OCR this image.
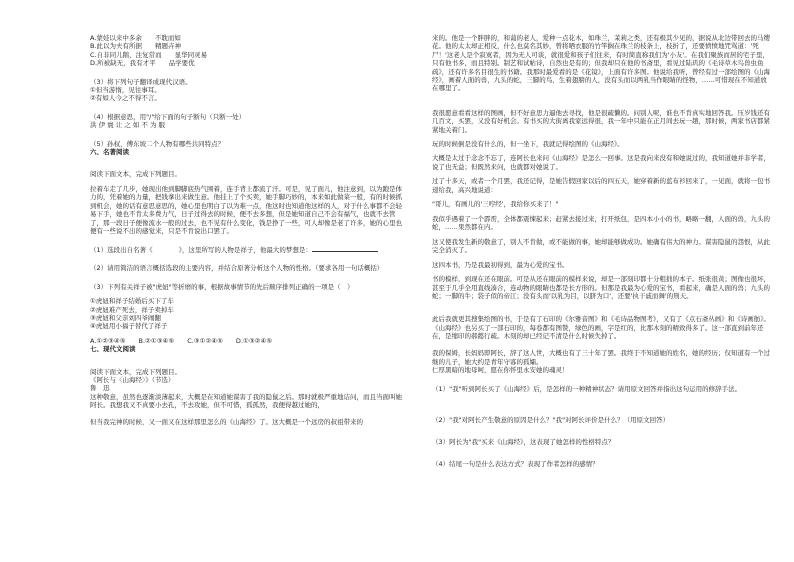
A.蒙娃以来中多余　　不耽而如

B.此以为夫有所据　　精题卉神

C.自非同儿鹅，注复常而　　显华同灵易

D.所被缺无，我有才平　　品学要优

（3）将下列句子翻译成现代汉语。

①但当游惰，见往事耳。

②有如人今之不得不言。

（4）根据意思，用"/"给下面的句子断句（只断一处）

洪 伊 寰 让 之 如 不 为 服

（5）孙权，傅东坡二个人物有哪些共同特点？

六、名著阅读

阅读下面文本，完成下列题目。

拉着车走了几步，她现出他到脚脚底热气围着，连手背上都流了汗。可是，见了面儿，他注意到，以为跑是体力的，凭着她的力量，把钱拿出来做生意。他挂上了个买卖，她手脚巧妙的，本来如此做菜一般，有的时候抓到机会，她的话有意思意思的，她心里也明白了以为难一点，他这时也知道他这样的人，对于什么事都不会轻易下手，她也不肯太多费力气，日子过得去的时候，便不去多想，但是她知道自己不会有福气，也就不去管了，那一段日子便像流水一般的过去，也不见有什么变化，钱是挣了一些，可人却像是老了许多，她的心里也便有一些说不出的感觉来，只是不肯说出口罢了。

（1）选段出自名著《　　　　》，这里所写的人物是祥子，他最大的梦想是：

（2）请用简洁的语言概括选段的主要内容，并结合原著分析这个人物的性格。（要求各用一句话概括）

（3）下列有关祥子被"虎妞"等折磨的事，根据故事情节的先后顺序排列正确的一项是（　）

①虎妞和祥子结婚后买下了车

②虎妞难产死去，祥子卖掉车

③虎妞和父亲刘四爷闹翻

④虎妞用小福子替代了祥子

A.①②③④⑤　　B.②①③④⑤　　C.③①②④⑤　　D.①③②④⑤

七、现代文阅读

阅读下面文本，完成下列题目。

《阿长与〈山海经〉》（节选）

鲁　迅

这种敬意，虽然也逐渐淡薄起来，大概是在知道她谋害了我的隐鼠之后。那时就极严重地诘问，而且当面叫她阿长。我想我又不真要小去孔，不去攻她，但不可惜，孤孤然，我便得越过她的，

但当我完神的时候，又一面又在这样那里怎么的《山海经》了。这大概是一个远房的叔祖带来的

来的。他是一个胖胖的，和蔼的老人，爱种一点花木，如珠兰，茉莉之类，还有极其少见的，据说从北边带回去的马缨花。他的太太却正相反，什么也莫名其妙，曾将晒衣服的竹竿搁在珠兰的枝条上，枝折了，还要愤愤地咒骂道：'死尸！'这老人是个寂寞者，因为无人可谈，就很爱和孩子们往来，有时简直称我们为'小友'。在我们聚族而居的宅子里，只有他书多，而且特别。制艺和试帖诗，自然也是有的；但我却只在他的书斋里，看见过陆玑的《毛诗草木鸟兽虫鱼疏》，还有许多名目很生的书籍。我那时最爱看的是《花镜》，上面有许多图。他说给我听，曾经有过一部绘图的《山海经》，画着人面的兽，九头的蛇，三脚的鸟，生着翅膀的人，没有头而以两乳当作眼睛的怪物，……可惜现在不知道放在哪里了。

我很愿意看看这样的图画，但不好意思力逼他去寻找，他是很疏懒的。问别人呢，谁也不肯真实地回答我。压岁钱还有几百文，买罢，又没有好机会。有书买的大街离我家远得很，我一年中只能在正月间去玩一趟，那时候，两家书店都紧紧地关着门。

玩的时候倒是没有什么的，但一坐下，我就记得绘图的《山海经》。

大概是太过于念念不忘了，连阿长也来问《山海经》是怎么一回事。这是我向来没有和她说过的，我知道她并非学者，说了也无益；但既然来问，也就都对她说了。

过了十多天，或者一个月罢，我还记得，是她告假回家以后的四五天，她穿着新的蓝布衫回来了，一见面，就将一包书递给我，高兴地说道：

"哥儿，有画儿的'三哼经'，我给你买来了！"

我似乎遇着了一个霹雳，全体都震悚起来；赶紧去接过来，打开纸包，是四本小小的书，略略一翻，人面的兽，九头的蛇，……果然都在内。

这又使我发生新的敬意了，别人不肯做，或不能做的事，她却能够做成功。她确有伟大的神力。谋害隐鼠的怨恨，从此完全消灭了。

这四本书，乃是我最初得到，最为心爱的宝书。

书的模样，到现在还在眼前。可是从还在眼前的模样来说，却是一部刻印都十分粗拙的本子。纸张很黄；图像也很坏，甚至于几乎全用直线凑合，连动物的眼睛也都是长方形的。但那是我最为心爱的宝书，看起来，确是人面的兽；九头的蛇；一脚的牛；袋子似的帝江；没有头而'以乳为目，以脐为口'，还要'执干戚而舞'的刑天。

此后我就更其搜集绘图的书，于是有了石印的《尔雅音图》和《毛诗品物图考》，又有了《点石斋丛画》和《诗画舫》。《山海经》也另买了一部石印的，每卷都有图赞，绿色的画，字是红的，比那木刻的精致得多了。这一部直到前年还在，是缩印的郝懿行疏。木刻的却已经记不清是什么时候失掉了。

我的保姆，长妈妈即阿长，辞了这人世，大概也有了三十年了罢。我终于不知道她的姓名，她的经历；仅知道有一个过继的儿子，她大约是青年守寡的孤孀。

仁厚黑暗的地母呵，愿在你怀里永安她的魂灵！

（1）"我"听到阿长买了《山海经》后，是怎样的一种精神状态？请用原文回答并指出这句运用的修辞手法。

（2）"我"对阿长产生敬意的原因是什么？"我"对阿长评价是什么？（用原文回答）

（3）阿长为"我"买来《山海经》，这表现了她怎样的性格特点？

（4）结尾一句是什么表达方式？表现了作者怎样的感情？
